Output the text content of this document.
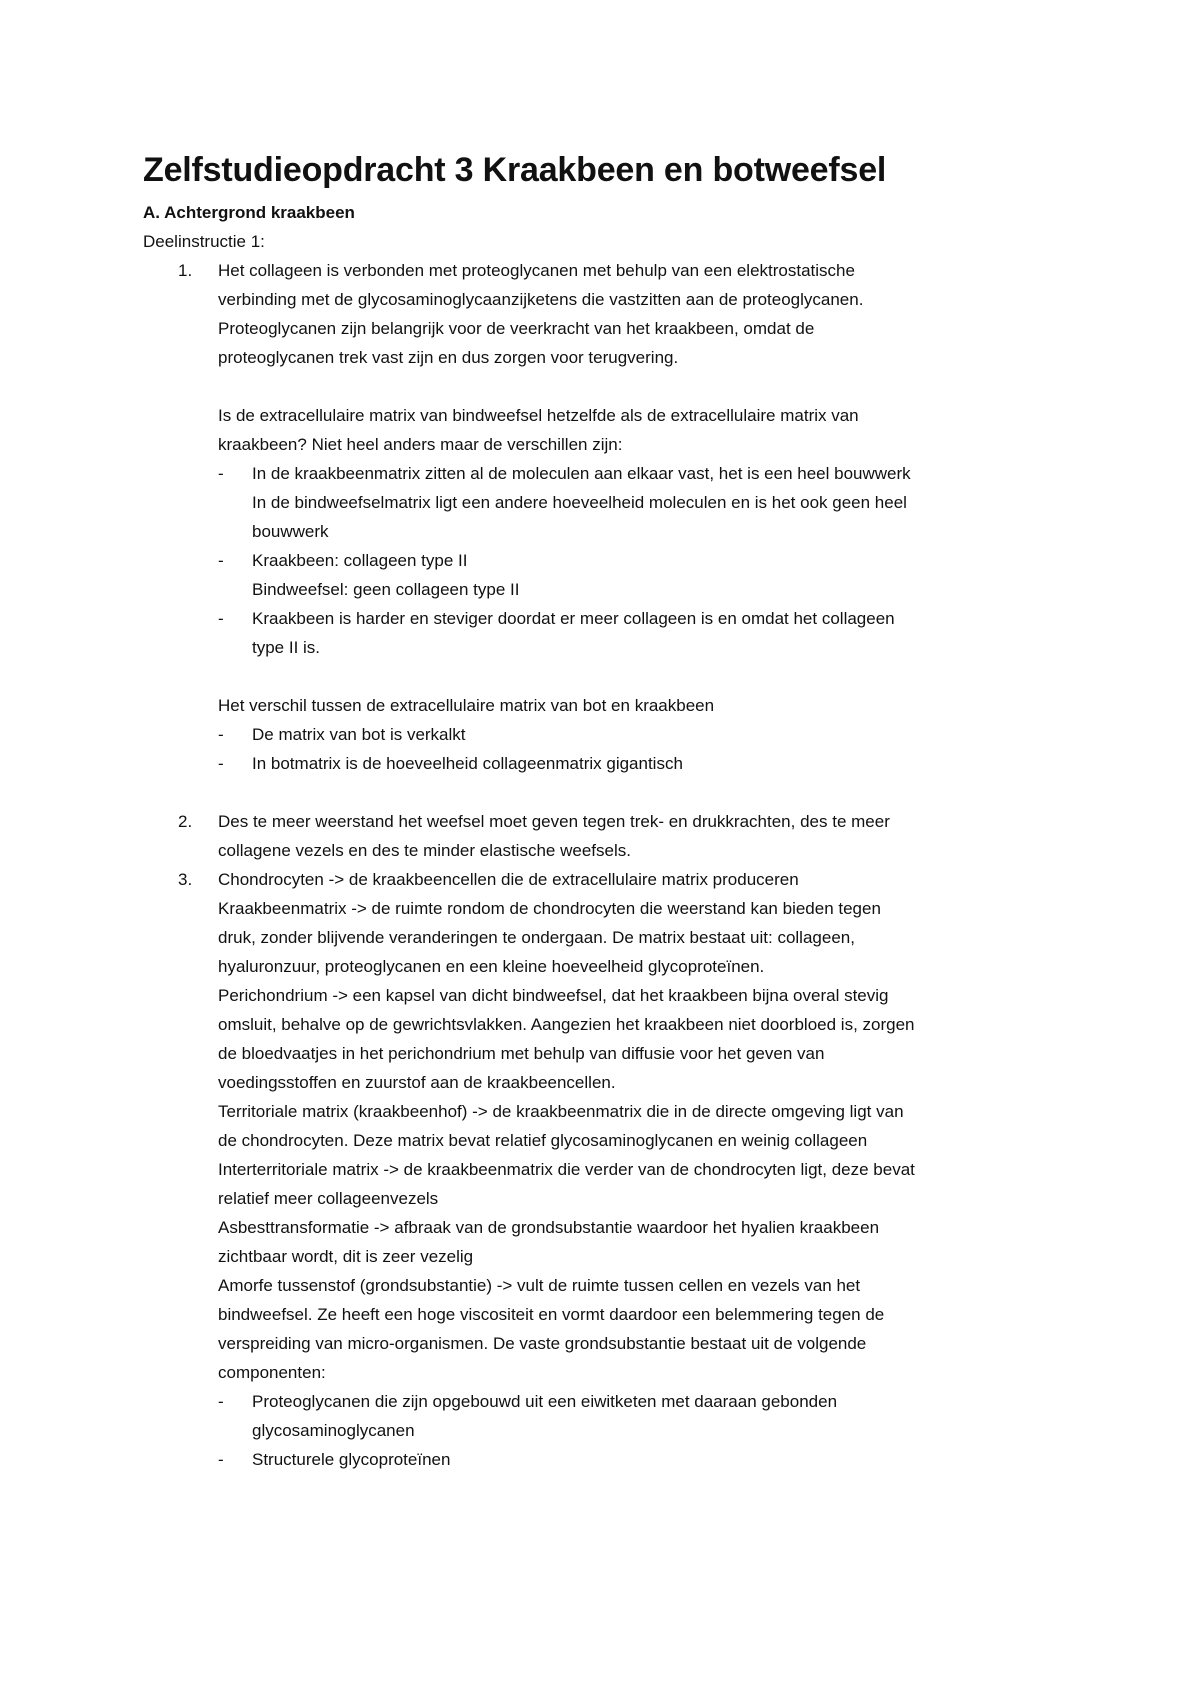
Zelfstudieopdracht 3 Kraakbeen en botweefsel

A. Achtergrond kraakbeen

Deelinstructie 1:

1.	Het collageen is verbonden met proteoglycanen met behulp van een elektrostatische

verbinding met de glycosaminoglycaanzijketens die vastzitten aan de proteoglycanen.

Proteoglycanen zijn belangrijk voor de veerkracht van het kraakbeen, omdat de

proteoglycanen trek vast zijn en dus zorgen voor terugvering.

Is de extracellulaire matrix van bindweefsel hetzelfde als de extracellulaire matrix van

kraakbeen? Niet heel anders maar de verschillen zijn:

-	In de kraakbeenmatrix zitten al de moleculen aan elkaar vast, het is een heel bouwwerk

In de bindweefselmatrix ligt een andere hoeveelheid moleculen en is het ook geen heel

bouwwerk

-	Kraakbeen: collageen type II

Bindweefsel: geen collageen type II

-	Kraakbeen is harder en steviger doordat er meer collageen is en omdat het collageen

type II is.

Het verschil tussen de extracellulaire matrix van bot en kraakbeen

-	De matrix van bot is verkalkt

-	In botmatrix is de hoeveelheid collageenmatrix gigantisch

2.	Des te meer weerstand het weefsel moet geven tegen trek- en drukkrachten, des te meer

collagene vezels en des te minder elastische weefsels.

3.	Chondrocyten -> de kraakbeencellen die de extracellulaire matrix produceren

Kraakbeenmatrix -> de ruimte rondom de chondrocyten die weerstand kan bieden tegen

druk, zonder blijvende veranderingen te ondergaan. De matrix bestaat uit: collageen,

hyaluronzuur, proteoglycanen en een kleine hoeveelheid glycoproteïnen.

Perichondrium -> een kapsel van dicht bindweefsel, dat het kraakbeen bijna overal stevig

omsluit, behalve op de gewrichtsvlakken. Aangezien het kraakbeen niet doorbloed is, zorgen

de bloedvaatjes in het perichondrium met behulp van diffusie voor het geven van

voedingsstoffen en zuurstof aan de kraakbeencellen.

Territoriale matrix (kraakbeenhof) -> de kraakbeenmatrix die in de directe omgeving ligt van

de chondrocyten. Deze matrix bevat relatief glycosaminoglycanen en weinig collageen

Interterritoriale matrix -> de kraakbeenmatrix die verder van de chondrocyten ligt, deze bevat

relatief meer collageenvezels

Asbesttransformatie -> afbraak van de grondsubstantie waardoor het hyalien kraakbeen

zichtbaar wordt, dit is zeer vezelig

Amorfe tussenstof (grondsubstantie) -> vult de ruimte tussen cellen en vezels van het

bindweefsel. Ze heeft een hoge viscositeit en vormt daardoor een belemmering tegen de

verspreiding van micro-organismen. De vaste grondsubstantie bestaat uit de volgende

componenten:

-	Proteoglycanen die zijn opgebouwd uit een eiwitketen met daaraan gebonden

glycosaminoglycanen

-	Structurele glycoproteïnen
